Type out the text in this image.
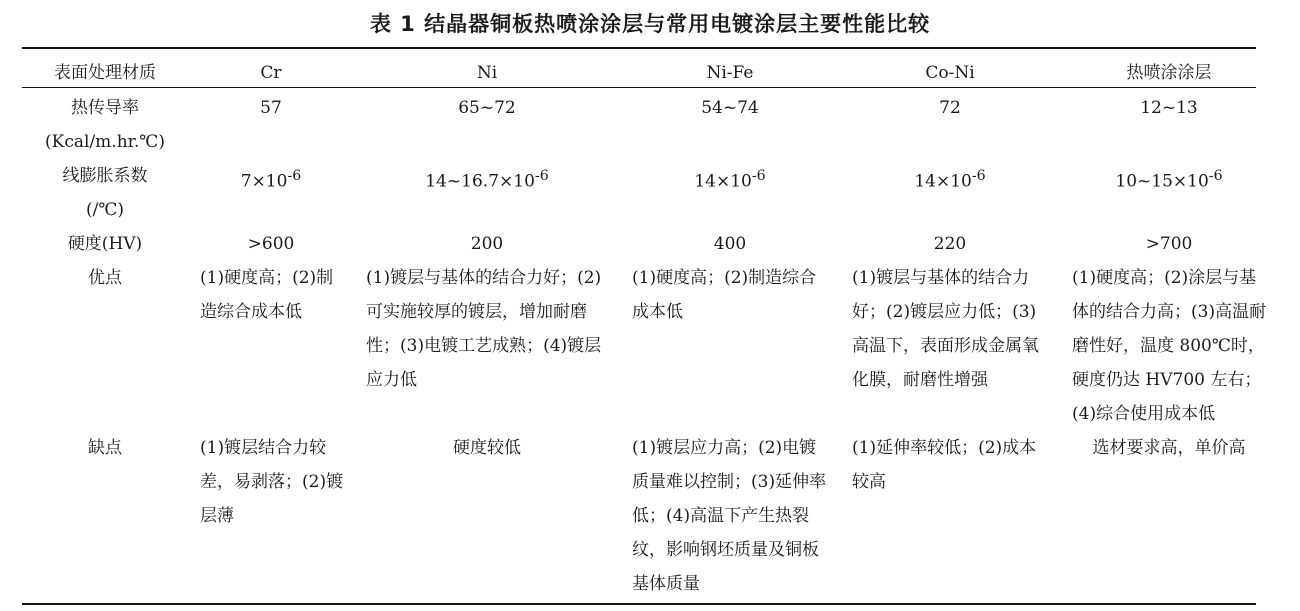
表 1 结晶器铜板热喷涂涂层与常用电镀涂层主要性能比较
表面处理材质	Cr	Ni	Ni-Fe	Co-Ni	热喷涂涂层

热传导率
(Kcal/m.hr.℃)	57	65~72	54~74	72	12~13

线膨胀系数
(/℃)	$7\times 10^{-6}$	$14\sim 16.7\times 10^{-6}$	$14\times 10^{-6}$	$14\times 10^{-6}$	$10\sim 15\times 10^{-6}$
硬度(HV)	>600	200	400	220	>700
优点	(1)硬度高；(2)制造综合成本低	(1)镀层与基体的结合力好；(2)可实施较厚的镀层，增加耐磨性；(3)电镀工艺成熟；(4)镀层应力低	(1)硬度高；(2)制造综合成本低	(1)镀层与基体的结合力好；(2)镀层应力低；(3)高温下，表面形成金属氧化膜，耐磨性增强	(1)硬度高；(2)涂层与基体的结合力高；(3)高温耐磨性好，温度 800℃时，硬度仍达 HV700 左右；(4)综合使用成本低
缺点	(1)镀层结合力较差，易剥落；(2)镀层薄	硬度较低	(1)镀层应力高；(2)电镀质量难以控制；(3)延伸率低；(4)高温下产生热裂纹，影响钢坯质量及铜板基体质量	(1)延伸率较低；(2)成本较高	选材要求高，单价高
